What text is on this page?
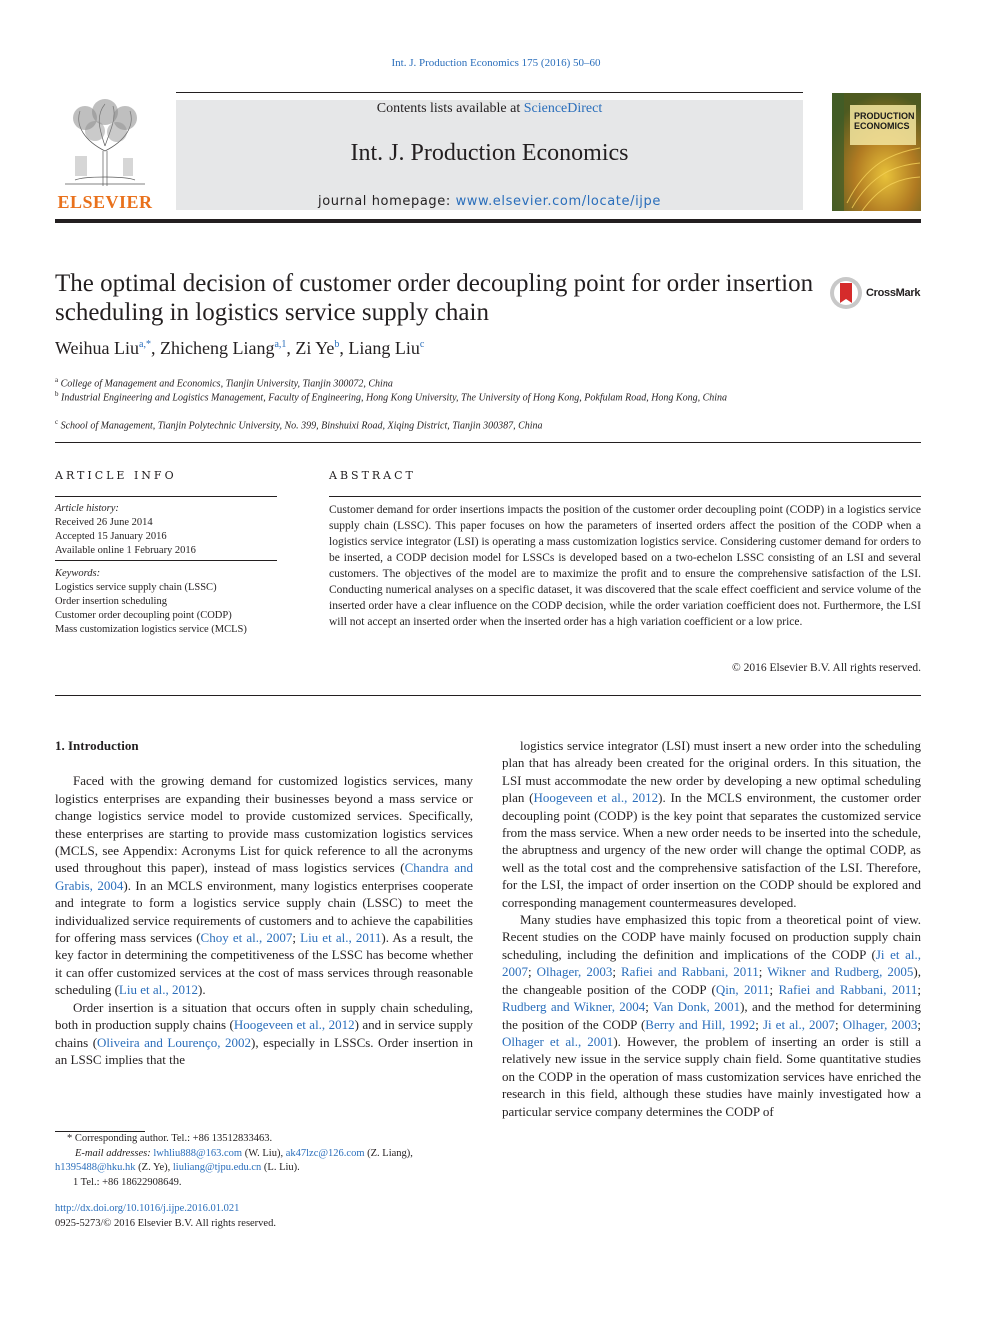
Int. J. Production Economics 175 (2016) 50–60
ELSEVIER
Contents lists available at ScienceDirect
Int. J. Production Economics
journal homepage: www.elsevier.com/locate/ijpe
PRODUCTION ECONOMICS
The optimal decision of customer order decoupling point for order insertion scheduling in logistics service supply chain
CrossMark
Weihua Liu$^{a,*}$, Zhicheng Liang$^{a,1}$, Zi Ye$^b$, Liang Liu$^c$
$^a$ College of Management and Economics, Tianjin University, Tianjin 300072, China
$^b$ Industrial Engineering and Logistics Management, Faculty of Engineering, Hong Kong University, The University of Hong Kong, Pokfulam Road, Hong Kong, China
$^c$ School of Management, Tianjin Polytechnic University, No. 399, Binshuixi Road, Xiqing District, Tianjin 300387, China
ARTICLE INFO
Article history:
Received 26 June 2014
Accepted 15 January 2016
Available online 1 February 2016
Keywords:
Logistics service supply chain (LSSC)
Order insertion scheduling
Customer order decoupling point (CODP)
Mass customization logistics service (MCLS)
ABSTRACT
Customer demand for order insertions impacts the position of the customer order decoupling point (CODP) in a logistics service supply chain (LSSC). This paper focuses on how the parameters of inserted orders affect the position of the CODP when a logistics service integrator (LSI) is operating a mass customization logistics service. Considering customer demand for orders to be inserted, a CODP decision model for LSSCs is developed based on a two-echelon LSSC consisting of an LSI and several customers. The objectives of the model are to maximize the profit and to ensure the comprehensive satisfaction of the LSI. Conducting numerical analyses on a specific dataset, it was discovered that the scale effect coefficient and service volume of the inserted order have a clear influence on the CODP decision, while the order variation coefficient does not. Furthermore, the LSI will not accept an inserted order when the inserted order has a high variation coefficient or a low price.
© 2016 Elsevier B.V. All rights reserved.
1. Introduction

Faced with the growing demand for customized logistics services, many logistics enterprises are expanding their businesses beyond a mass service or change logistics service model to provide customized services. Specifically, these enterprises are starting to provide mass customization logistics services (MCLS, see Appendix: Acronyms List for quick reference to all the acronyms used throughout this paper), instead of mass logistics services (Chandra and Grabis, 2004). In an MCLS environment, many logistics enterprises cooperate and integrate to form a logistics service supply chain (LSSC) to meet the individualized service requirements of customers and to achieve the capabilities for offering mass services (Choy et al., 2007; Liu et al., 2011). As a result, the key factor in determining the competitiveness of the LSSC has become whether it can offer customized services at the cost of mass services through reasonable scheduling (Liu et al., 2012).

Order insertion is a situation that occurs often in supply chain scheduling, both in production supply chains (Hoogeveen et al., 2012) and in service supply chains (Oliveira and Lourenço, 2002), especially in LSSCs. Order insertion in an LSSC implies that the

logistics service integrator (LSI) must insert a new order into the scheduling plan that has already been created for the original orders. In this situation, the LSI must accommodate the new order by developing a new optimal scheduling plan (Hoogeveen et al., 2012). In the MCLS environment, the customer order decoupling point (CODP) is the key point that separates the customized service from the mass service. When a new order needs to be inserted into the schedule, the abruptness and urgency of the new order will change the optimal CODP, as well as the total cost and the comprehensive satisfaction of the LSI. Therefore, for the LSI, the impact of order insertion on the CODP should be explored and corresponding management countermeasures developed.

Many studies have emphasized this topic from a theoretical point of view. Recent studies on the CODP have mainly focused on production supply chain scheduling, including the definition and implications of the CODP (Ji et al., 2007; Olhager, 2003; Rafiei and Rabbani, 2011; Wikner and Rudberg, 2005), the changeable position of the CODP (Qin, 2011; Rafiei and Rabbani, 2011; Rudberg and Wikner, 2004; Van Donk, 2001), and the method for determining the position of the CODP (Berry and Hill, 1992; Ji et al., 2007; Olhager, 2003; Olhager et al., 2001). However, the problem of inserting an order is still a relatively new issue in the service supply chain field. Some quantitative studies on the CODP in the operation of mass customization services have enriched the research in this field, although these studies have mainly investigated how a particular service company determines the CODP of

* Corresponding author. Tel.: +86 13512833463.
E-mail addresses: lwhliu888@163.com (W. Liu), ak47lzc@126.com (Z. Liang),
h1395488@hku.hk (Z. Ye), liuliang@tjpu.edu.cn (L. Liu).
1 Tel.: +86 18622908649.
http://dx.doi.org/10.1016/j.ijpe.2016.01.021
0925-5273/© 2016 Elsevier B.V. All rights reserved.
